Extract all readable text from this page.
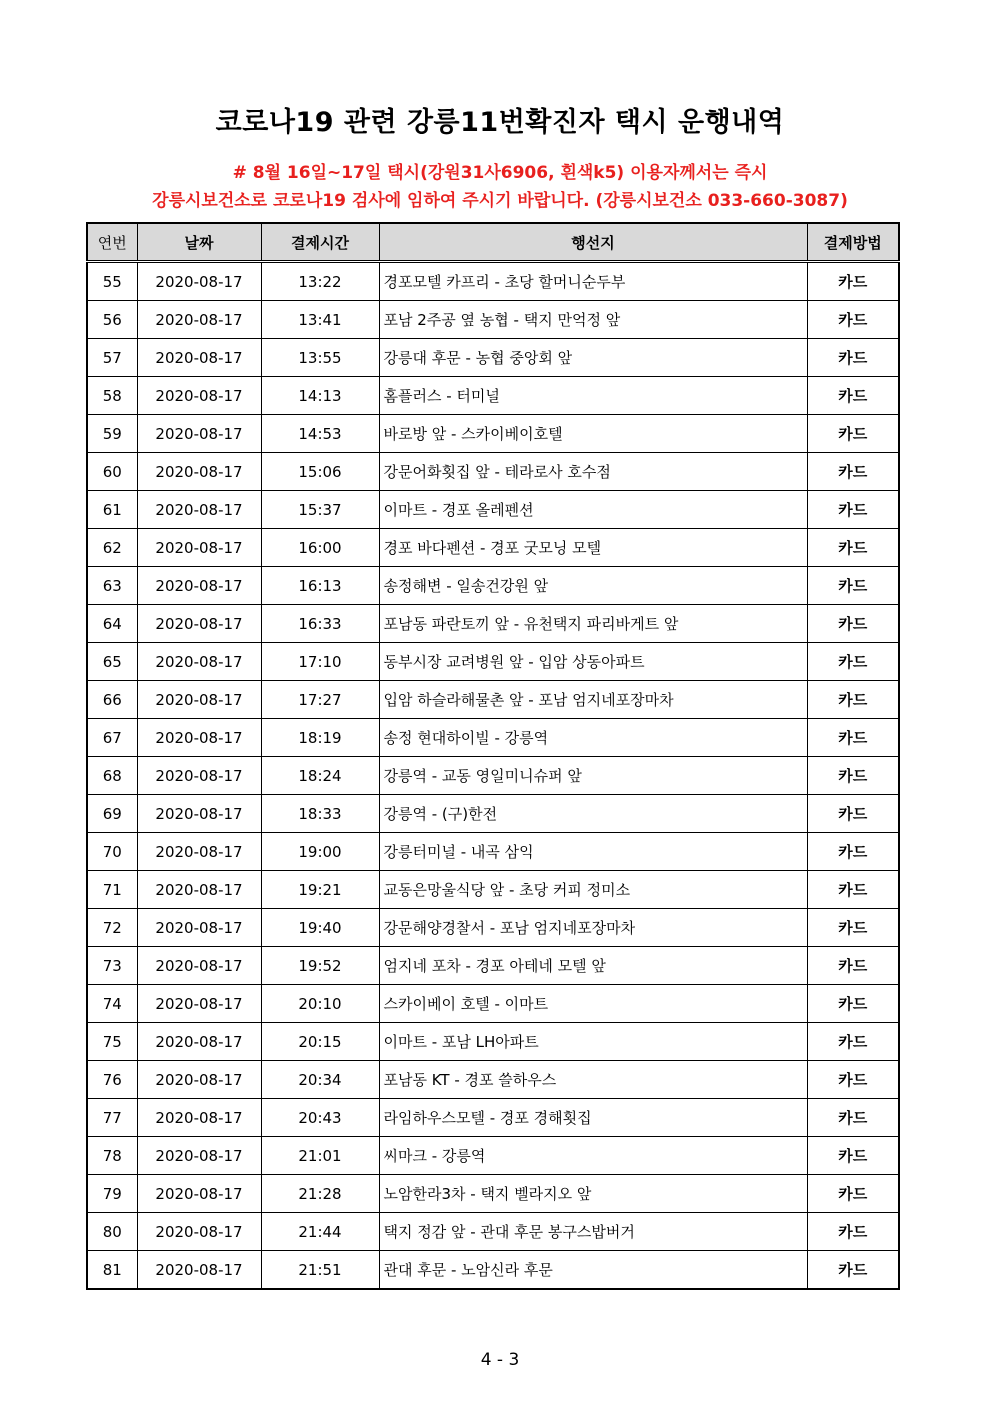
코로나19 관련 강릉11번확진자 택시 운행내역
# 8월 16일~17일 택시(강원31사6906, 흰색k5) 이용자께서는 즉시
강릉시보건소로 코로나19 검사에 임하여 주시기 바랍니다. (강릉시보건소 033-660-3087)
연번	날짜	결제시간	행선지	결제방법
55	2020-08-17	13:22	경포모텔 카프리 - 초당 할머니순두부	카드
56	2020-08-17	13:41	포남 2주공 옆 농협 - 택지 만억정 앞	카드
57	2020-08-17	13:55	강릉대 후문 - 농협 중앙회 앞	카드
58	2020-08-17	14:13	홈플러스 - 터미널	카드
59	2020-08-17	14:53	바로방 앞 - 스카이베이호텔	카드
60	2020-08-17	15:06	강문어화횟집 앞 - 테라로사 호수점	카드
61	2020-08-17	15:37	이마트 - 경포 올레펜션	카드
62	2020-08-17	16:00	경포 바다펜션 - 경포 굿모닝 모텔	카드
63	2020-08-17	16:13	송정해변 - 일송건강원 앞	카드
64	2020-08-17	16:33	포남동 파란토끼 앞 - 유천택지 파리바게트 앞	카드
65	2020-08-17	17:10	동부시장 교려병원 앞 - 입암 상동아파트	카드
66	2020-08-17	17:27	입암 하슬라해물촌 앞 - 포남 엄지네포장마차	카드
67	2020-08-17	18:19	송정 현대하이빌 - 강릉역	카드
68	2020-08-17	18:24	강릉역 - 교동 영일미니슈퍼 앞	카드
69	2020-08-17	18:33	강릉역 - (구)한전	카드
70	2020-08-17	19:00	강릉터미널 - 내곡 삼익	카드
71	2020-08-17	19:21	교동은망울식당 앞 - 초당 커피 정미소	카드
72	2020-08-17	19:40	강문해양경찰서 - 포남 엄지네포장마차	카드
73	2020-08-17	19:52	엄지네 포차 - 경포 아테네 모텔 앞	카드
74	2020-08-17	20:10	스카이베이 호텔 - 이마트	카드
75	2020-08-17	20:15	이마트 - 포남 LH아파트	카드
76	2020-08-17	20:34	포남동 KT - 경포 쓸하우스	카드
77	2020-08-17	20:43	라임하우스모텔 - 경포 경해횟집	카드
78	2020-08-17	21:01	씨마크 - 강릉역	카드
79	2020-08-17	21:28	노암한라3차 - 택지 벨라지오 앞	카드
80	2020-08-17	21:44	택지 정감 앞 - 관대 후문 봉구스밥버거	카드
81	2020-08-17	21:51	관대 후문 - 노암신라 후문	카드
4 - 3
